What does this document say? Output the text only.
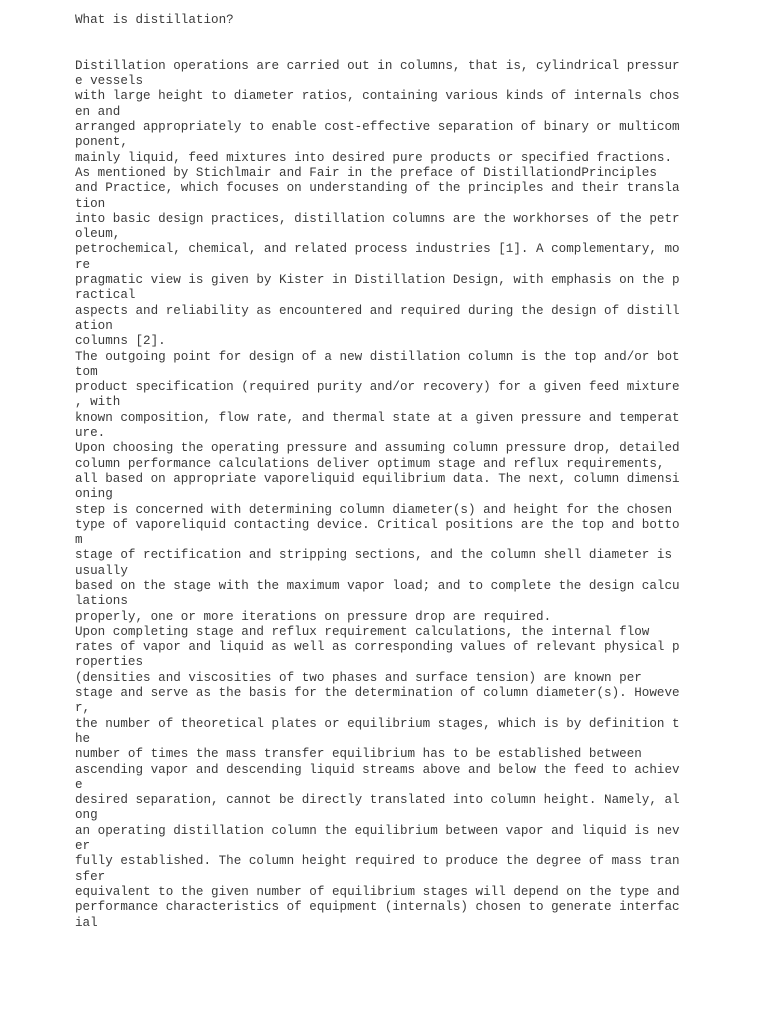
What is distillation?
Distillation operations are carried out in columns, that is, cylindrical pressur
e vessels
with large height to diameter ratios, containing various kinds of internals chos
en and
arranged appropriately to enable cost-effective separation of binary or multicom
ponent,
mainly liquid, feed mixtures into desired pure products or specified fractions.
As mentioned by Stichlmair and Fair in the preface of DistillationdPrinciples
and Practice, which focuses on understanding of the principles and their transla
tion
into basic design practices, distillation columns are the workhorses of the petr
oleum,
petrochemical, chemical, and related process industries [1]. A complementary, mo
re
pragmatic view is given by Kister in Distillation Design, with emphasis on the p
ractical
aspects and reliability as encountered and required during the design of distill
ation
columns [2].
The outgoing point for design of a new distillation column is the top and/or bot
tom
product specification (required purity and/or recovery) for a given feed mixture
, with
known composition, flow rate, and thermal state at a given pressure and temperat
ure.
Upon choosing the operating pressure and assuming column pressure drop, detailed
column performance calculations deliver optimum stage and reflux requirements,
all based on appropriate vaporeliquid equilibrium data. The next, column dimensi
oning
step is concerned with determining column diameter(s) and height for the chosen
type of vaporeliquid contacting device. Critical positions are the top and botto
m
stage of rectification and stripping sections, and the column shell diameter is
usually
based on the stage with the maximum vapor load; and to complete the design calcu
lations
properly, one or more iterations on pressure drop are required.
Upon completing stage and reflux requirement calculations, the internal flow
rates of vapor and liquid as well as corresponding values of relevant physical p
roperties
(densities and viscosities of two phases and surface tension) are known per
stage and serve as the basis for the determination of column diameter(s). Howeve
r,
the number of theoretical plates or equilibrium stages, which is by definition t
he
number of times the mass transfer equilibrium has to be established between
ascending vapor and descending liquid streams above and below the feed to achiev
e
desired separation, cannot be directly translated into column height. Namely, al
ong
an operating distillation column the equilibrium between vapor and liquid is nev
er
fully established. The column height required to produce the degree of mass tran
sfer
equivalent to the given number of equilibrium stages will depend on the type and
performance characteristics of equipment (internals) chosen to generate interfac
ial
